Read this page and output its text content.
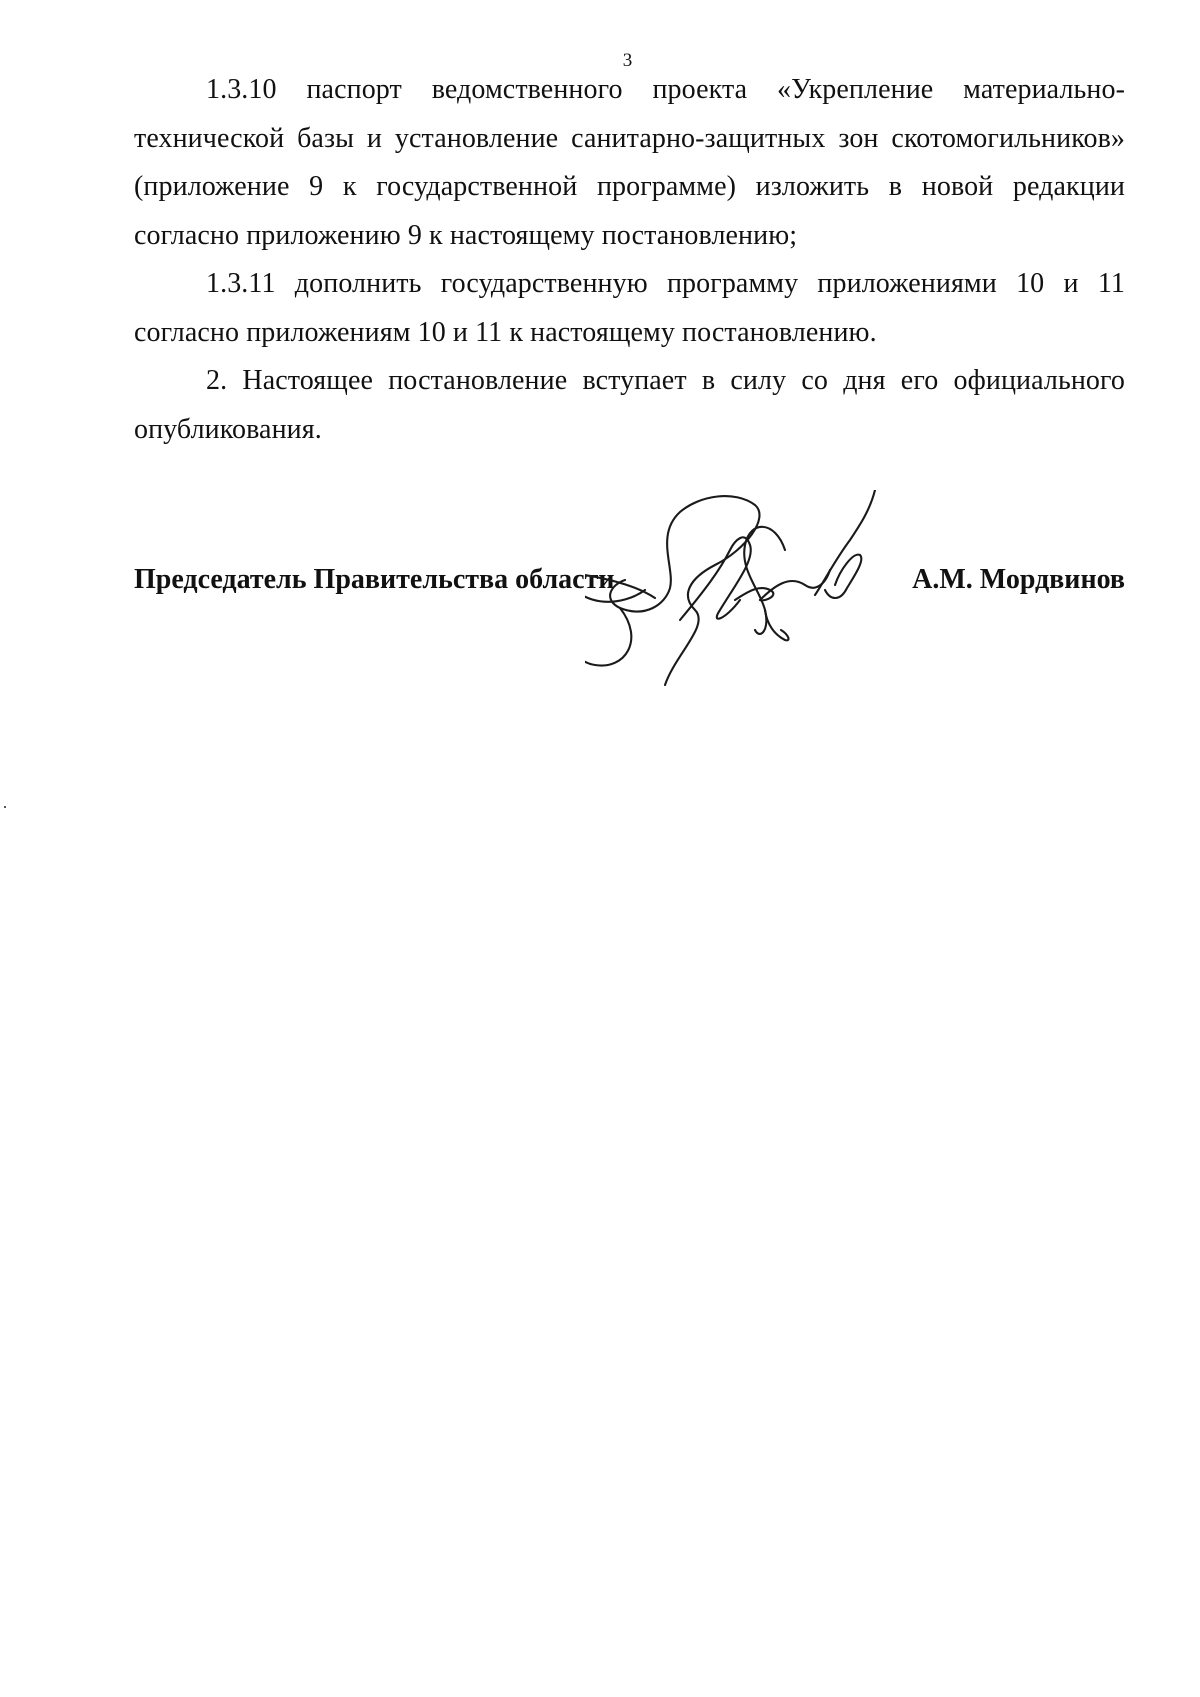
3

1.3.10 паспорт ведомственного проекта «Укрепление материально-технической базы и установление санитарно-защитных зон скотомогильников» (приложение 9 к государственной программе) изложить в новой редакции согласно приложению 9 к настоящему постановлению;

1.3.11 дополнить государственную программу приложениями 10 и 11 согласно приложениям 10 и 11 к настоящему постановлению.

2. Настоящее постановление вступает в силу со дня его официального опубликования.

Председатель Правительства области	А.М. Мордвинов
